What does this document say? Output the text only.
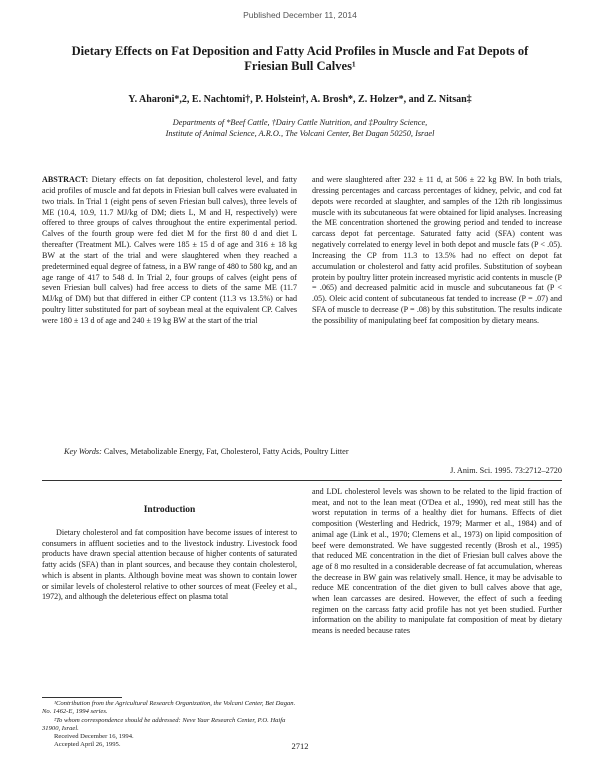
Published December 11, 2014
Dietary Effects on Fat Deposition and Fatty Acid Profiles in Muscle and Fat Depots of Friesian Bull Calves¹
Y. Aharoni*,2, E. Nachtomi†, P. Holstein†, A. Brosh*, Z. Holzer*, and Z. Nitsan‡
Departments of *Beef Cattle, †Dairy Cattle Nutrition, and ‡Poultry Science,
Institute of Animal Science, A.R.O., The Volcani Center, Bet Dagan 50250, Israel
ABSTRACT: Dietary effects on fat deposition, cholesterol level, and fatty acid profiles of muscle and fat depots in Friesian bull calves were evaluated in two trials. In Trial 1 (eight pens of seven Friesian bull calves), three levels of ME (10.4, 10.9, 11.7 MJ/kg of DM; diets L, M and H, respectively) were offered to three groups of calves throughout the entire experimental period. Calves of the fourth group were fed diet M for the first 80 d and diet L thereafter (Treatment ML). Calves were 185 ± 15 d of age and 316 ± 18 kg BW at the start of the trial and were slaughtered when they reached a predetermined equal degree of fatness, in a BW range of 480 to 580 kg, and an age range of 417 to 548 d. In Trial 2, four groups of calves (eight pens of seven Friesian bull calves) had free access to diets of the same ME (11.7 MJ/kg of DM) but that differed in either CP content (11.3 vs 13.5%) or had poultry litter substituted for part of soybean meal at the equivalent CP. Calves were 180 ± 13 d of age and 240 ± 19 kg BW at the start of the trial
and were slaughtered after 232 ± 11 d, at 506 ± 22 kg BW. In both trials, dressing percentages and carcass percentages of kidney, pelvic, and cod fat depots were recorded at slaughter, and samples of the 12th rib longissimus muscle with its subcutaneous fat were obtained for lipid analyses. Increasing the ME concentration shortened the growing period and tended to increase carcass depot fat percentage. Saturated fatty acid (SFA) content was negatively correlated to energy level in both depot and muscle fats (P < .05). Increasing the CP from 11.3 to 13.5% had no effect on depot fat accumulation or cholesterol and fatty acid profiles. Substitution of soybean protein by poultry litter protein increased myristic acid contents in muscle (P = .065) and decreased palmitic acid in muscle and subcutaneous fat (P < .05). Oleic acid content of subcutaneous fat tended to increase (P = .07) and SFA of muscle to decrease (P = .08) by this substitution. The results indicate the possibility of manipulating beef fat composition by dietary means.
Key Words: Calves, Metabolizable Energy, Fat, Cholesterol, Fatty Acids, Poultry Litter
J. Anim. Sci. 1995. 73:2712–2720
Introduction
Dietary cholesterol and fat composition have become issues of interest to consumers in affluent societies and to the livestock industry. Livestock food products have drawn special attention because of higher contents of saturated fatty acids (SFA) than in plant sources, and because they contain cholesterol, which is absent in plants. Although bovine meat was shown to contain lower or similar levels of cholesterol relative to other sources of meat (Feeley et al., 1972), and although the deleterious effect on plasma total
and LDL cholesterol levels was shown to be related to the lipid fraction of meat, and not to the lean meat (O'Dea et al., 1990), red meat still has the worst reputation in terms of a healthy diet for humans. Effects of diet composition (Westerling and Hedrick, 1979; Marmer et al., 1984) and of animal age (Link et al., 1970; Clemens et al., 1973) on lipid composition of beef were demonstrated. We have suggested recently (Brosh et al., 1995) that reduced ME concentration in the diet of Friesian bull calves above the age of 8 mo resulted in a considerable decrease of fat accumulation, whereas the decrease in BW gain was relatively small. Hence, it may be advisable to reduce ME concentration of the diet given to bull calves above that age, when lean carcasses are desired. However, the effect of such a feeding regimen on the carcass fatty acid profile has not yet been studied. Further information on the ability to manipulate fat composition of meat by dietary means is needed because rates

¹Contribution from the Agricultural Research Organization, the Volcani Center, Bet Dagan. No. 1462-E, 1994 series.

²To whom correspondence should be addressed: Neve Yaar Research Center, P.O. Haifa 31900, Israel.

Received December 16, 1994.

Accepted April 26, 1995.	2712
